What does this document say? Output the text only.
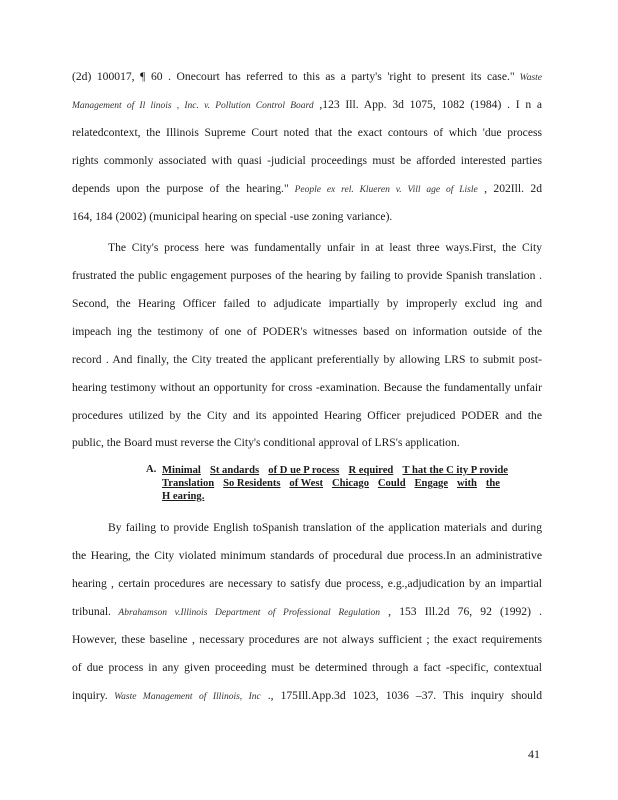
(2d) 100017, ¶ 60 . Onecourt has referred to this as a party's 'right to present its case." Waste
Management of Il linois , Inc. v. Pollution Control Board ,123 Ill. App. 3d 1075, 1082 (1984) . I n a
relatedcontext, the Illinois Supreme Court noted that the exact contours of which 'due process
rights commonly associated with quasi -judicial proceedings must be afforded interested parties
depends upon the purpose of the hearing." People ex rel. Klueren v. Vill age of Lisle , 202Ill. 2d
164, 184 (2002) (municipal hearing on special -use zoning variance).
The City's process here was fundamentally unfair in at least three ways.First, the City
frustrated the public engagement purposes of the hearing by failing to provide Spanish translation .
Second, the Hearing Officer failed to adjudicate impartially by improperly exclud ing and
impeach ing the testimony of one of PODER's witnesses based on information outside of the
record . And finally, the City treated the applicant preferentially by allowing LRS to submit post-
hearing testimony without an opportunity for cross -examination. Because the fundamentally unfair
procedures utilized by the City and its appointed Hearing Officer prejudiced PODER and the
public, the Board must reverse the City's conditional approval of LRS's application.
A. Minimal St andards of D ue P rocess R equired T hat the C ity P rovide
Translation So Residents of West Chicago Could Engage with the
H earing.
By failing to provide English toSpanish translation of the application materials and during
the Hearing, the City violated minimum standards of procedural due process.In an administrative
hearing , certain procedures are necessary to satisfy due process, e.g.,adjudication by an impartial
tribunal. Abrahamson v.Illinois Department of Professional Regulation , 153 Ill.2d 76, 92 (1992) .
However, these baseline , necessary procedures are not always sufficient ; the exact requirements
of due process in any given proceeding must be determined through a fact -specific, contextual
inquiry. Waste Management of Illinois, Inc ., 175Ill.App.3d 1023, 1036 –37. This inquiry should
41
